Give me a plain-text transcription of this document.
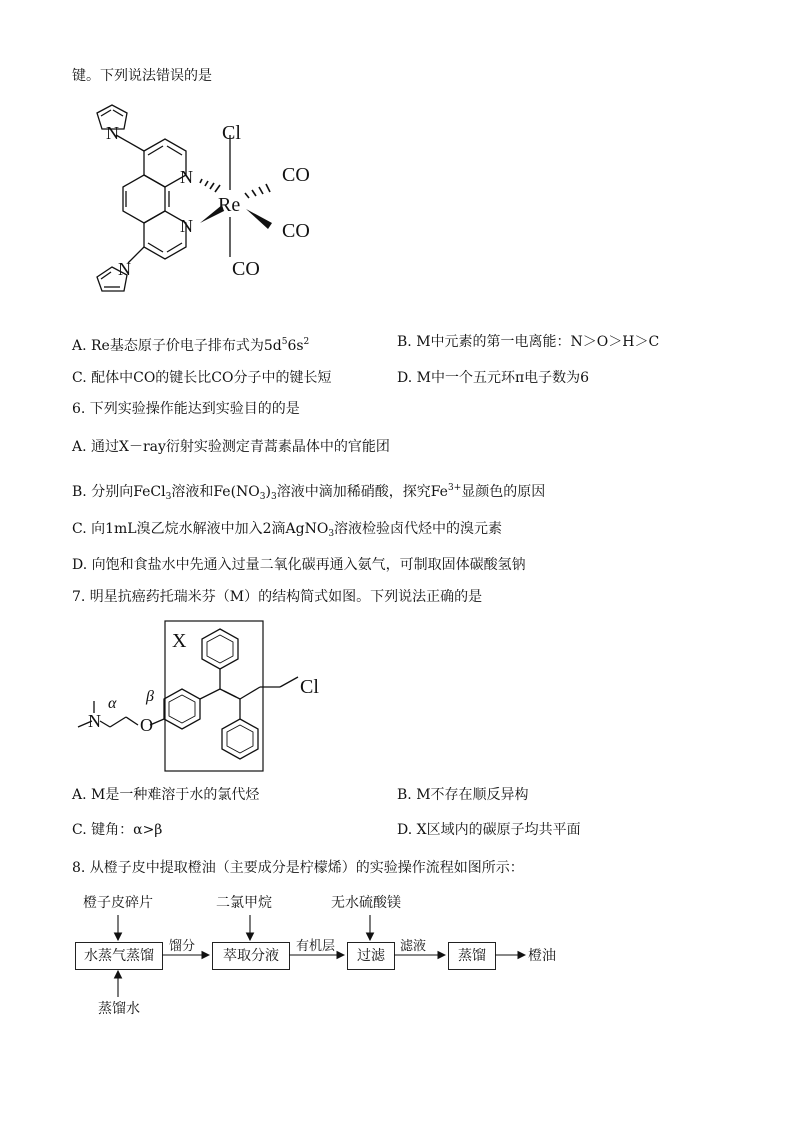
键。下列说法错误的是
Cl
Re
CO
CO
CO
N
N
N
N
A. Re基态原子价电子排布式为$5d^56s^2$	B. M中元素的第一电离能：N＞O＞H＞C
C. 配体中CO的键长比CO分子中的键长短	D. M中一个五元环π电子数为6
6. 下列实验操作能达到实验目的的是
A. 通过X－ray衍射实验测定青蒿素晶体中的官能团
B. 分别向FeCl$_3$溶液和$Fe(NO_3)_3$溶液中滴加稀硝酸，探究$Fe^{3+}$显颜色的原因
C. 向1mL溴乙烷水解液中加入2滴AgNO$_3$溶液检验卤代烃中的溴元素
D. 向饱和食盐水中先通入过量二氧化碳再通入氨气，可制取固体碳酸氢钠
7. 明星抗癌药托瑞米芬（M）的结构简式如图。下列说法正确的是
X
Cl
N O
α β
A. M是一种难溶于水的氯代烃	B. M不存在顺反异构
C. 键角：α>β	D. X区域内的碳原子均共平面
8. 从橙子皮中提取橙油（主要成分是柠檬烯）的实验操作流程如图所示：
橙子皮碎片	二氯甲烷	无水硫酸镁
蒸馏水
水蒸气蒸馏	萃取分液	过滤	蒸馏
馏分	有机层	滤液
橙油
